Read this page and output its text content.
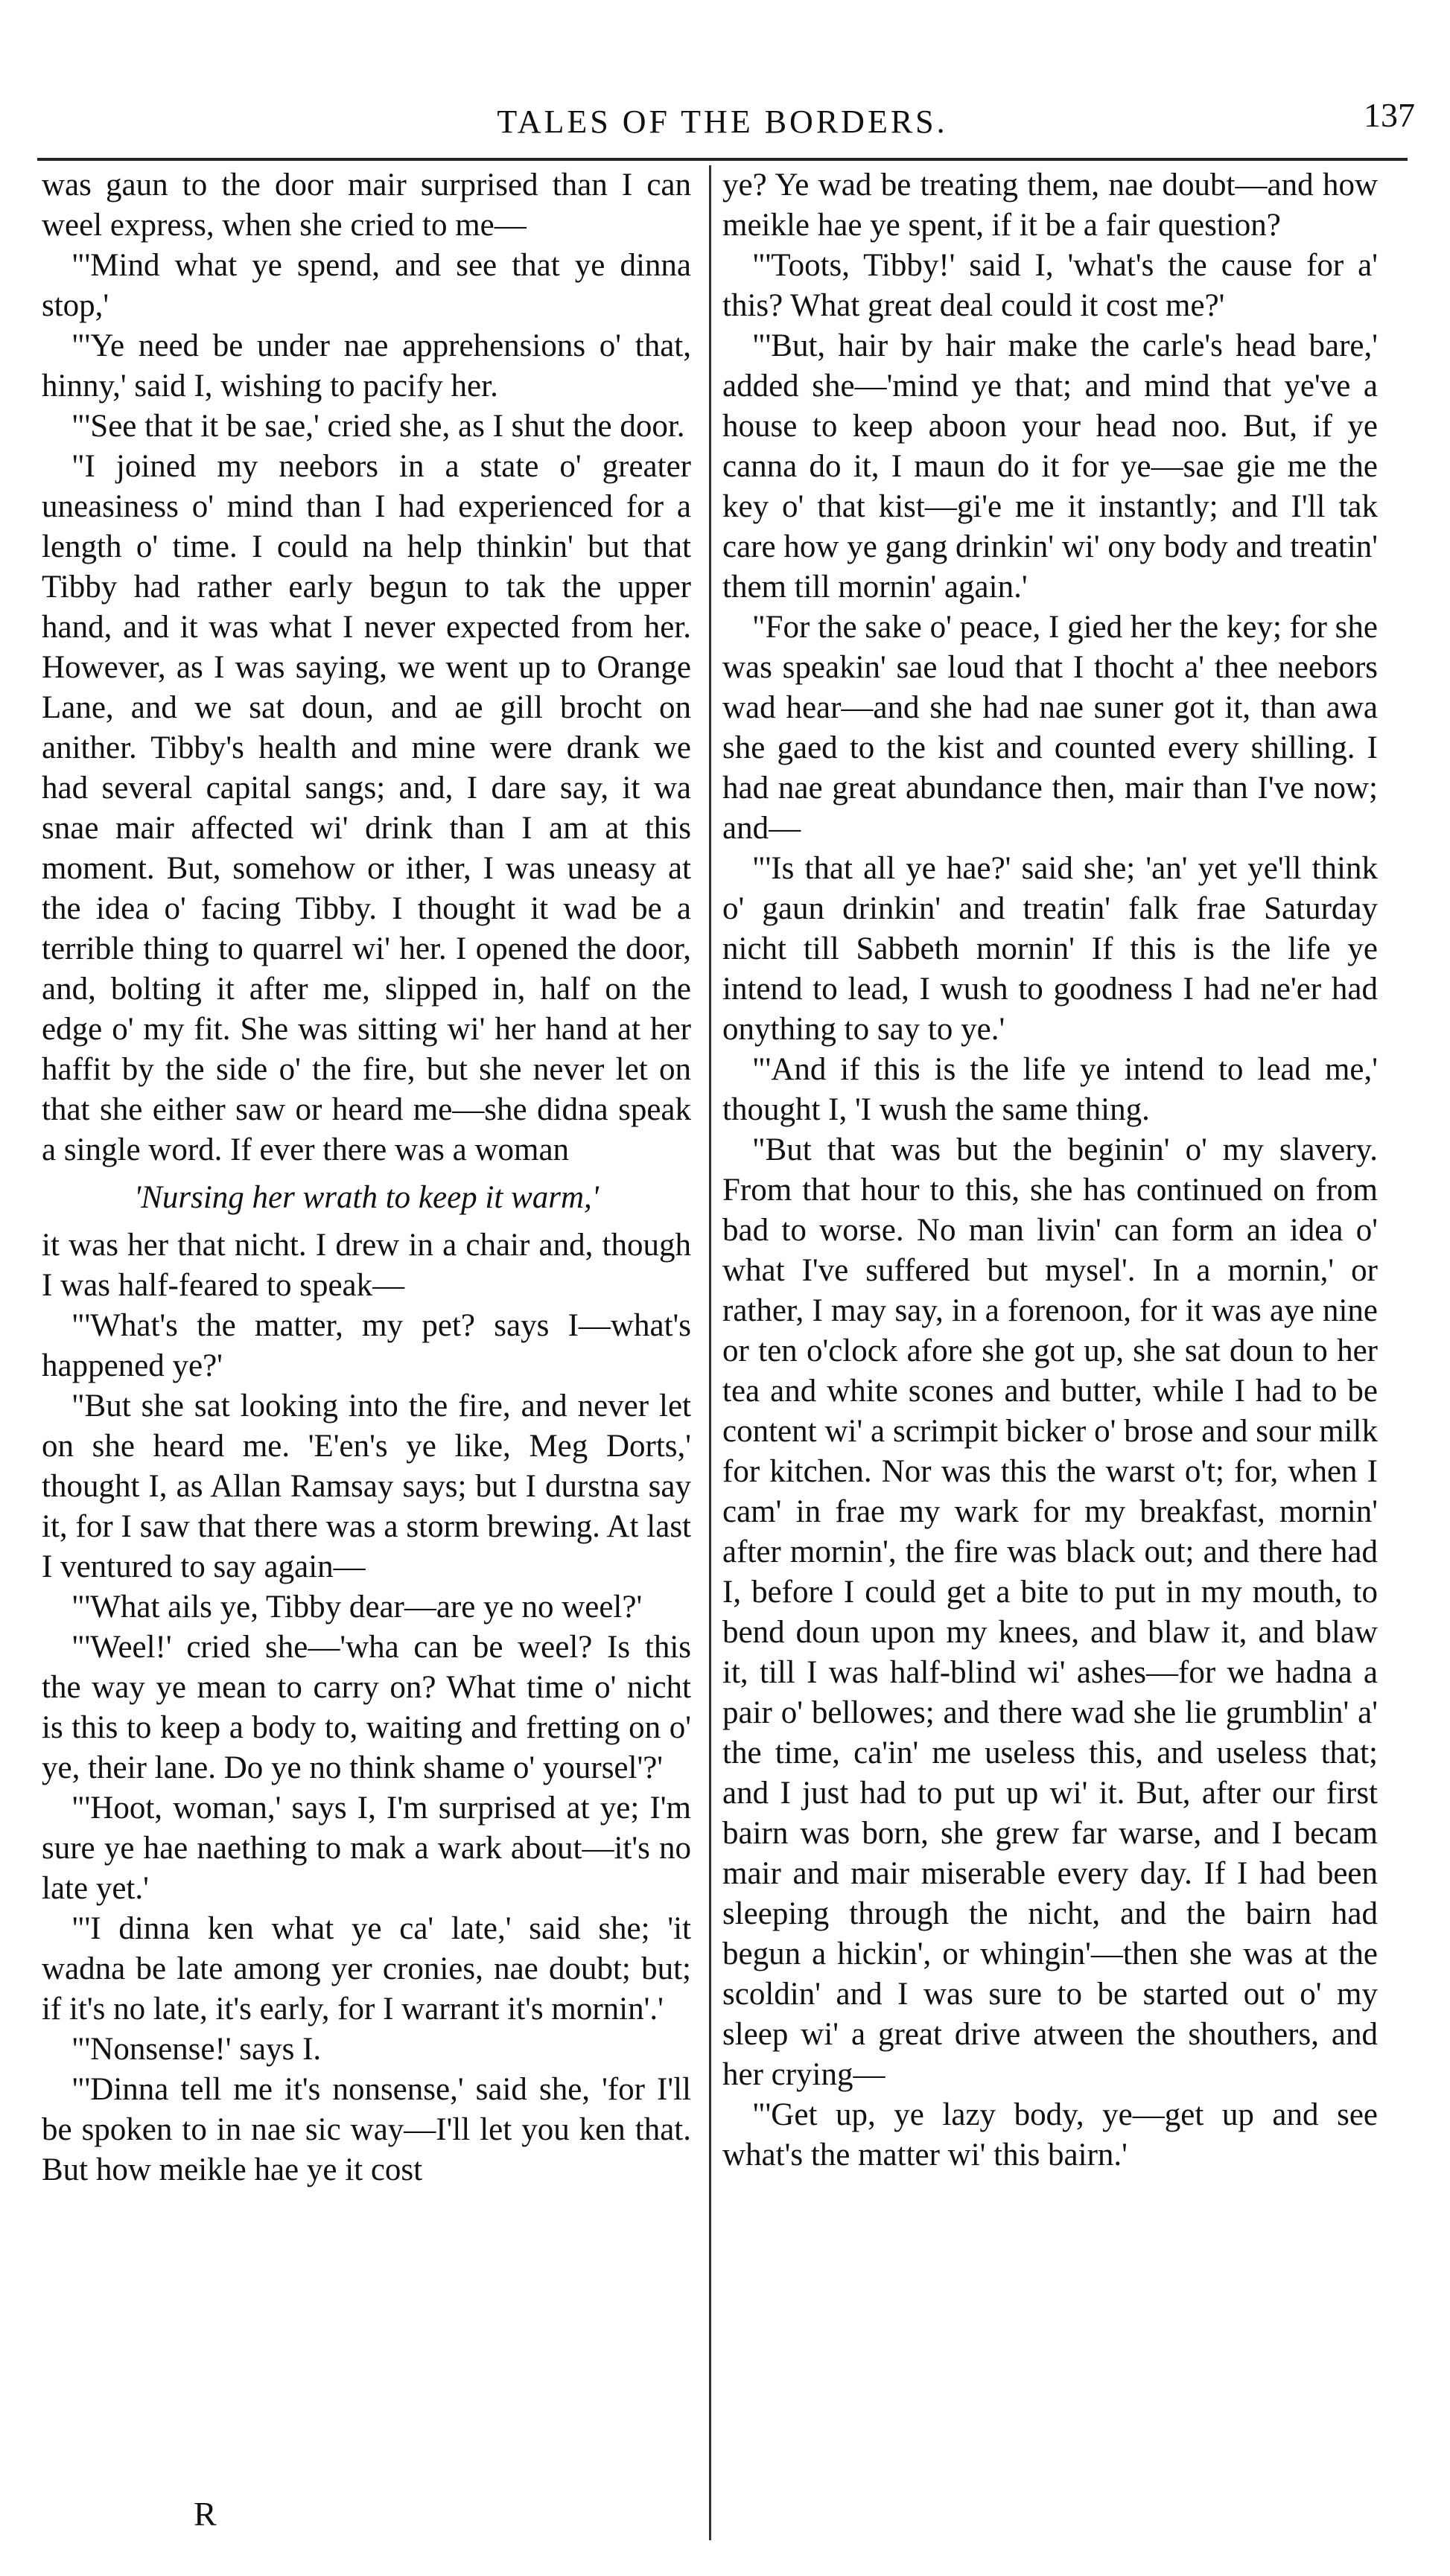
TALES OF THE BORDERS.	137

was gaun to the door mair surprised than I can weel express, when she cried to me—

"'Mind what ye spend, and see that ye dinna stop,'

"'Ye need be under nae apprehensions o' that, hinny,' said I, wishing to pacify her.

"'See that it be sae,' cried she, as I shut the door.

"I joined my neebors in a state o' greater uneasiness o' mind than I had experienced for a length o' time. I could na help thinkin' but that Tibby had rather early begun to tak the upper hand, and it was what I never expected from her. However, as I was saying, we went up to Orange Lane, and we sat doun, and ae gill brocht on anither. Tibby's health and mine were drank we had several capital sangs; and, I dare say, it wa snae mair affected wi' drink than I am at this moment. But, somehow or ither, I was uneasy at the idea o' facing Tibby. I thought it wad be a terrible thing to quarrel wi' her. I opened the door, and, bolting it after me, slipped in, half on the edge o' my fit. She was sitting wi' her hand at her haffit by the side o' the fire, but she never let on that she either saw or heard me—she didna speak a single word. If ever there was a woman

'Nursing her wrath to keep it warm,'

it was her that nicht. I drew in a chair and, though I was half-feared to speak—

"'What's the matter, my pet? says I—what's happened ye?'

"But she sat looking into the fire, and never let on she heard me. 'E'en's ye like, Meg Dorts,' thought I, as Allan Ramsay says; but I durstna say it, for I saw that there was a storm brewing. At last I ventured to say again—

"'What ails ye, Tibby dear—are ye no weel?'

"'Weel!' cried she—'wha can be weel? Is this the way ye mean to carry on? What time o' nicht is this to keep a body to, waiting and fretting on o' ye, their lane. Do ye no think shame o' yoursel'?'

"'Hoot, woman,' says I, I'm surprised at ye; I'm sure ye hae naething to mak a wark about—it's no late yet.'

"'I dinna ken what ye ca' late,' said she; 'it wadna be late among yer cronies, nae doubt; but; if it's no late, it's early, for I warrant it's mornin'.'

"'Nonsense!' says I.

"'Dinna tell me it's nonsense,' said she, 'for I'll be spoken to in nae sic way—I'll let you ken that. But how meikle hae ye it cost

ye? Ye wad be treating them, nae doubt—and how meikle hae ye spent, if it be a fair question?

"'Toots, Tibby!' said I, 'what's the cause for a' this? What great deal could it cost me?'

"'But, hair by hair make the carle's head bare,' added she—'mind ye that; and mind that ye've a house to keep aboon your head noo. But, if ye canna do it, I maun do it for ye—sae gie me the key o' that kist—gi'e me it instantly; and I'll tak care how ye gang drinkin' wi' ony body and treatin' them till mornin' again.'

"For the sake o' peace, I gied her the key; for she was speakin' sae loud that I thocht a' thee neebors wad hear—and she had nae suner got it, than awa she gaed to the kist and counted every shilling. I had nae great abundance then, mair than I've now; and—

"'Is that all ye hae?' said she; 'an' yet ye'll think o' gaun drinkin' and treatin' falk frae Saturday nicht till Sabbeth mornin' If this is the life ye intend to lead, I wush to goodness I had ne'er had onything to say to ye.'

"'And if this is the life ye intend to lead me,' thought I, 'I wush the same thing.

"But that was but the beginin' o' my slavery. From that hour to this, she has continued on from bad to worse. No man livin' can form an idea o' what I've suffered but mysel'. In a mornin,' or rather, I may say, in a forenoon, for it was aye nine or ten o'clock afore she got up, she sat doun to her tea and white scones and butter, while I had to be content wi' a scrimpit bicker o' brose and sour milk for kitchen. Nor was this the warst o't; for, when I cam' in frae my wark for my breakfast, mornin' after mornin', the fire was black out; and there had I, before I could get a bite to put in my mouth, to bend doun upon my knees, and blaw it, and blaw it, till I was half-blind wi' ashes—for we hadna a pair o' bellowes; and there wad she lie grumblin' a' the time, ca'in' me useless this, and useless that; and I just had to put up wi' it. But, after our first bairn was born, she grew far warse, and I becam mair and mair miserable every day. If I had been sleeping through the nicht, and the bairn had begun a hickin', or whingin'—then she was at the scoldin' and I was sure to be started out o' my sleep wi' a great drive atween the shouthers, and her crying—

"'Get up, ye lazy body, ye—get up and see what's the matter wi' this bairn.'

R
